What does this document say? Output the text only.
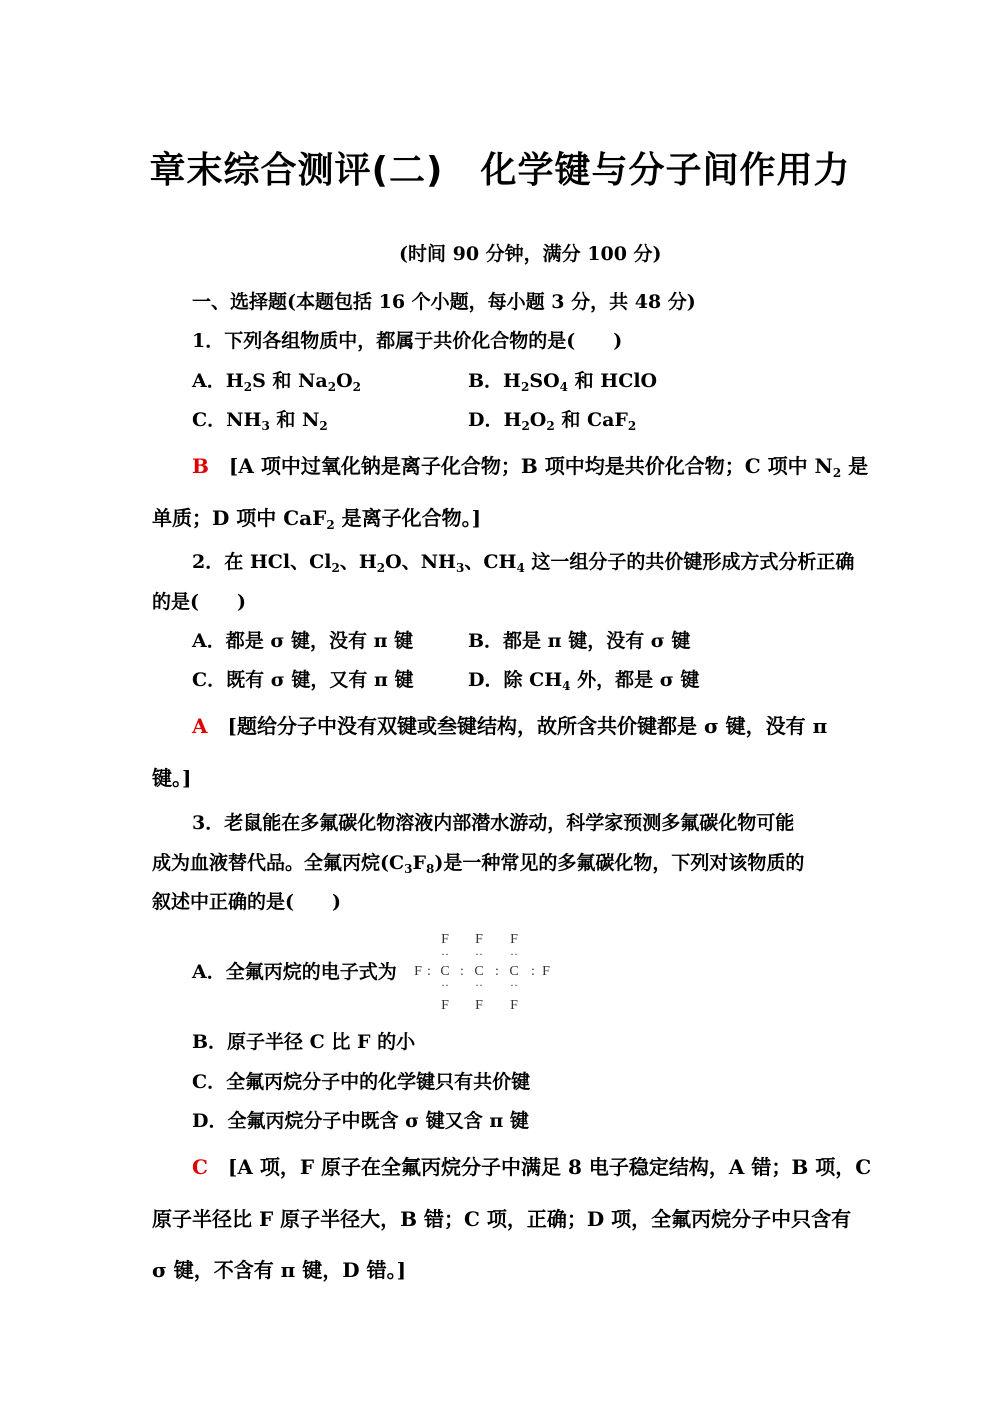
章末综合测评(二)　化学键与分子间作用力
(时间 90 分钟，满分 100 分)
一、选择题(本题包括 16 个小题，每小题 3 分，共 48 分)
1．下列各组物质中，都属于共价化合物的是(　　)
A．$H_2S$ 和 $Na_2O_2$	B．$H_2SO_4$ 和 HClO
C．$NH_3$ 和 $N_2$	D．$H_2O_2$ 和 CaF$_2$
B [A 项中过氧化钠是离子化合物；B 项中均是共价化合物；C 项中 $N_2$ 是
单质；D 项中 CaF$_2$ 是离子化合物。]
2．在 HCl、$Cl_2$、$H_2O$、$NH_3$、$CH_4$ 这一组分子的共价键形成方式分析正确
的是(　　)
A．都是 σ 键，没有 π 键	B．都是 π 键，没有 σ 键
C．既有 σ 键，又有 π 键	D．除 $CH_4$ 外，都是 σ 键
A [题给分子中没有双键或叁键结构，故所含共价键都是 σ 键，没有 π
键。]
3．老鼠能在多氟碳化物溶液内部潜水游动，科学家预测多氟碳化物可能
成为血液替代品。全氟丙烷$(C_3F_8)$是一种常见的多氟碳化物，下列对该物质的
叙述中正确的是(　　)
A．全氟丙烷的电子式为
F F F
·· ·· ··
F : C : C : C : F
·· ·· ··
F F F
B．原子半径 C 比 F 的小
C．全氟丙烷分子中的化学键只有共价键
D．全氟丙烷分子中既含 σ 键又含 π 键
C [A 项，F 原子在全氟丙烷分子中满足 8 电子稳定结构，A 错；B 项，C
原子半径比 F 原子半径大，B 错；C 项，正确；D 项，全氟丙烷分子中只含有
σ 键，不含有 π 键，D 错。]
